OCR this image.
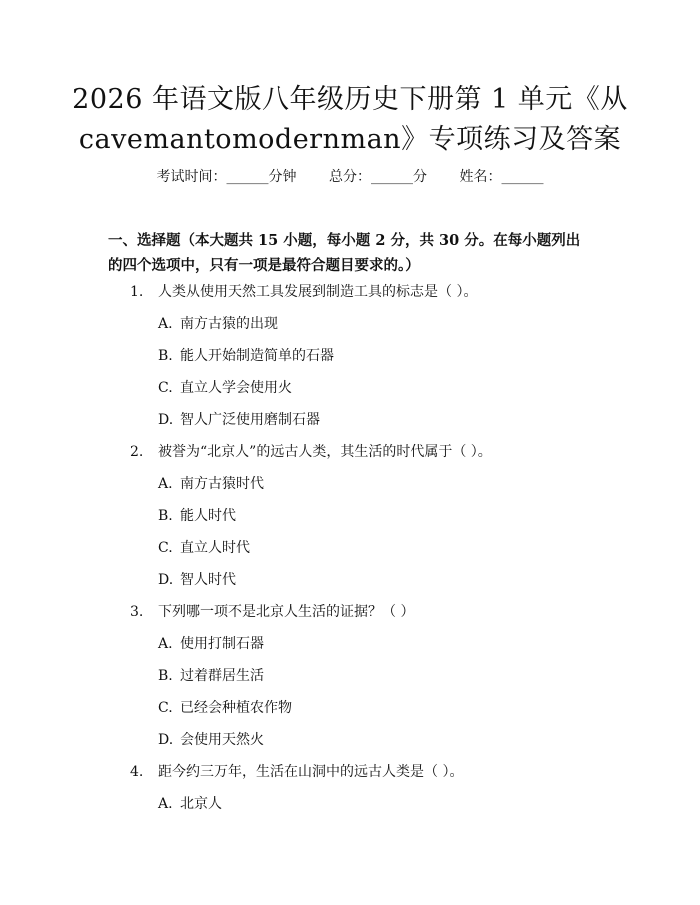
2026 年语文版八年级历史下册第 1 单元《从 cavemantomodernman》专项练习及答案
考试时间：______分钟 总分：______分 姓名：______
一、选择题（本大题共 15 小题，每小题 2 分，共 30 分。在每小题列出的四个选项中，只有一项是最符合题目要求的。）
1. 人类从使用天然工具发展到制造工具的标志是（ ）。
A. 南方古猿的出现
B. 能人开始制造简单的石器
C. 直立人学会使用火
D. 智人广泛使用磨制石器
2. 被誉为“北京人”的远古人类，其生活的时代属于（ ）。
A. 南方古猿时代
B. 能人时代
C. 直立人时代
D. 智人时代
3. 下列哪一项不是北京人生活的证据？（ ）
A. 使用打制石器
B. 过着群居生活
C. 已经会种植农作物
D. 会使用天然火
4. 距今约三万年，生活在山洞中的远古人类是（ ）。
A. 北京人
